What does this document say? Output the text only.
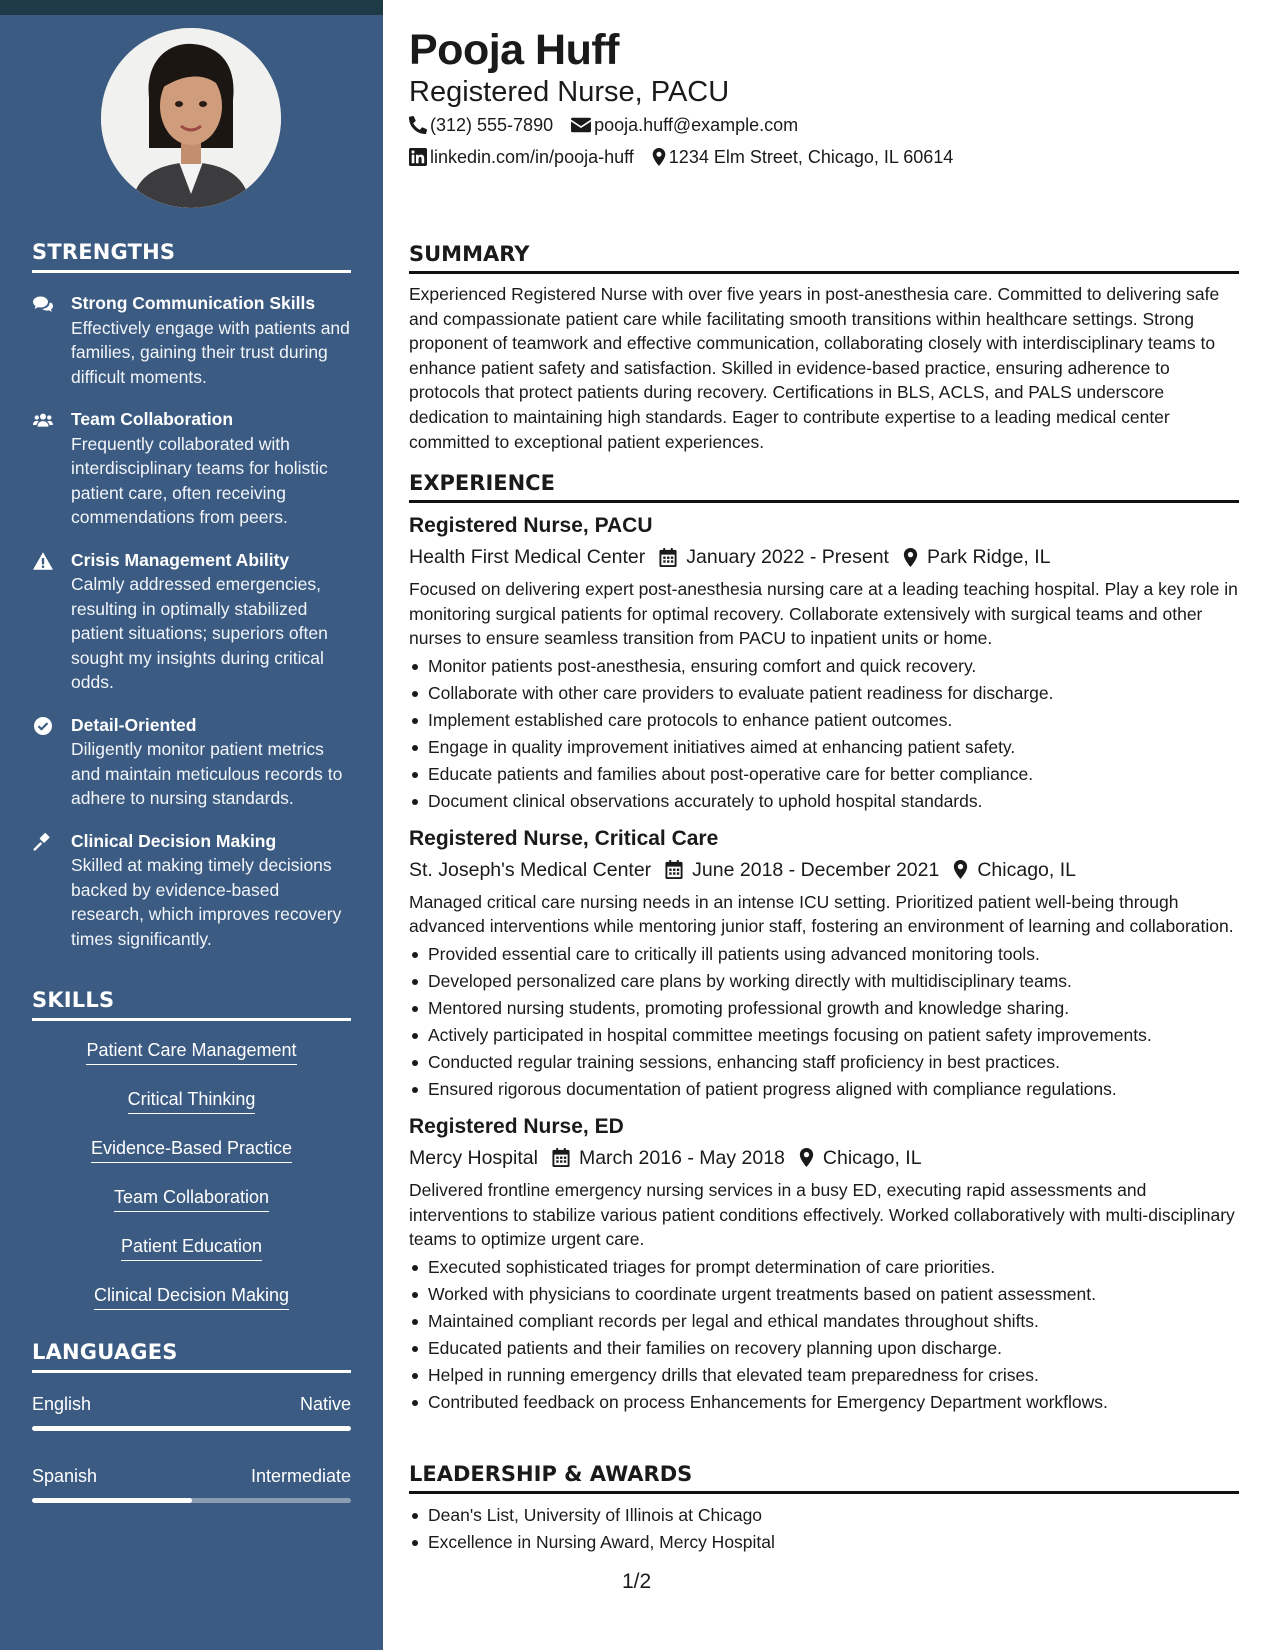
STRENGTHS
Strong Communication Skills
Effectively engage with patients and families, gaining their trust during difficult moments.
Team Collaboration
Frequently collaborated with interdisciplinary teams for holistic patient care, often receiving commendations from peers.
Crisis Management Ability
Calmly addressed emergencies, resulting in optimally stabilized patient situations; superiors often sought my insights during critical odds.
Detail-Oriented
Diligently monitor patient metrics and maintain meticulous records to adhere to nursing standards.
Clinical Decision Making
Skilled at making timely decisions backed by evidence-based research, which improves recovery times significantly.
SKILLS
Patient Care Management
Critical Thinking
Evidence-Based Practice
Team Collaboration
Patient Education
Clinical Decision Making
LANGUAGES
English	Native
Spanish	Intermediate
Pooja Huff
Registered Nurse, PACU
(312) 555-7890 pooja.huff@example.com
linkedin.com/in/pooja-huff 1234 Elm Street, Chicago, IL 60614
SUMMARY

Experienced Registered Nurse with over five years in post-anesthesia care. Committed to delivering safe and compassionate patient care while facilitating smooth transitions within healthcare settings. Strong proponent of teamwork and effective communication, collaborating closely with interdisciplinary teams to enhance patient safety and satisfaction. Skilled in evidence-based practice, ensuring adherence to protocols that protect patients during recovery. Certifications in BLS, ACLS, and PALS underscore dedication to maintaining high standards. Eager to contribute expertise to a leading medical center committed to exceptional patient experiences.

EXPERIENCE
Registered Nurse, PACU
Health First Medical Center January 2022 - Present Park Ridge, IL

Focused on delivering expert post-anesthesia nursing care at a leading teaching hospital. Play a key role in monitoring surgical patients for optimal recovery. Collaborate extensively with surgical teams and other nurses to ensure seamless transition from PACU to inpatient units or home.

Monitor patients post-anesthesia, ensuring comfort and quick recovery.
Collaborate with other care providers to evaluate patient readiness for discharge.
Implement established care protocols to enhance patient outcomes.
Engage in quality improvement initiatives aimed at enhancing patient safety.
Educate patients and families about post-operative care for better compliance.
Document clinical observations accurately to uphold hospital standards.
Registered Nurse, Critical Care
St. Joseph's Medical Center June 2018 - December 2021 Chicago, IL

Managed critical care nursing needs in an intense ICU setting. Prioritized patient well-being through advanced interventions while mentoring junior staff, fostering an environment of learning and collaboration.

Provided essential care to critically ill patients using advanced monitoring tools.
Developed personalized care plans by working directly with multidisciplinary teams.
Mentored nursing students, promoting professional growth and knowledge sharing.
Actively participated in hospital committee meetings focusing on patient safety improvements.
Conducted regular training sessions, enhancing staff proficiency in best practices.
Ensured rigorous documentation of patient progress aligned with compliance regulations.
Registered Nurse, ED
Mercy Hospital March 2016 - May 2018 Chicago, IL

Delivered frontline emergency nursing services in a busy ED, executing rapid assessments and interventions to stabilize various patient conditions effectively. Worked collaboratively with multi-disciplinary teams to optimize urgent care.

Executed sophisticated triages for prompt determination of care priorities.
Worked with physicians to coordinate urgent treatments based on patient assessment.
Maintained compliant records per legal and ethical mandates throughout shifts.
Educated patients and their families on recovery planning upon discharge.
Helped in running emergency drills that elevated team preparedness for crises.
Contributed feedback on process Enhancements for Emergency Department workflows.
LEADERSHIP & AWARDS
Dean's List, University of Illinois at Chicago
Excellence in Nursing Award, Mercy Hospital
1/2
